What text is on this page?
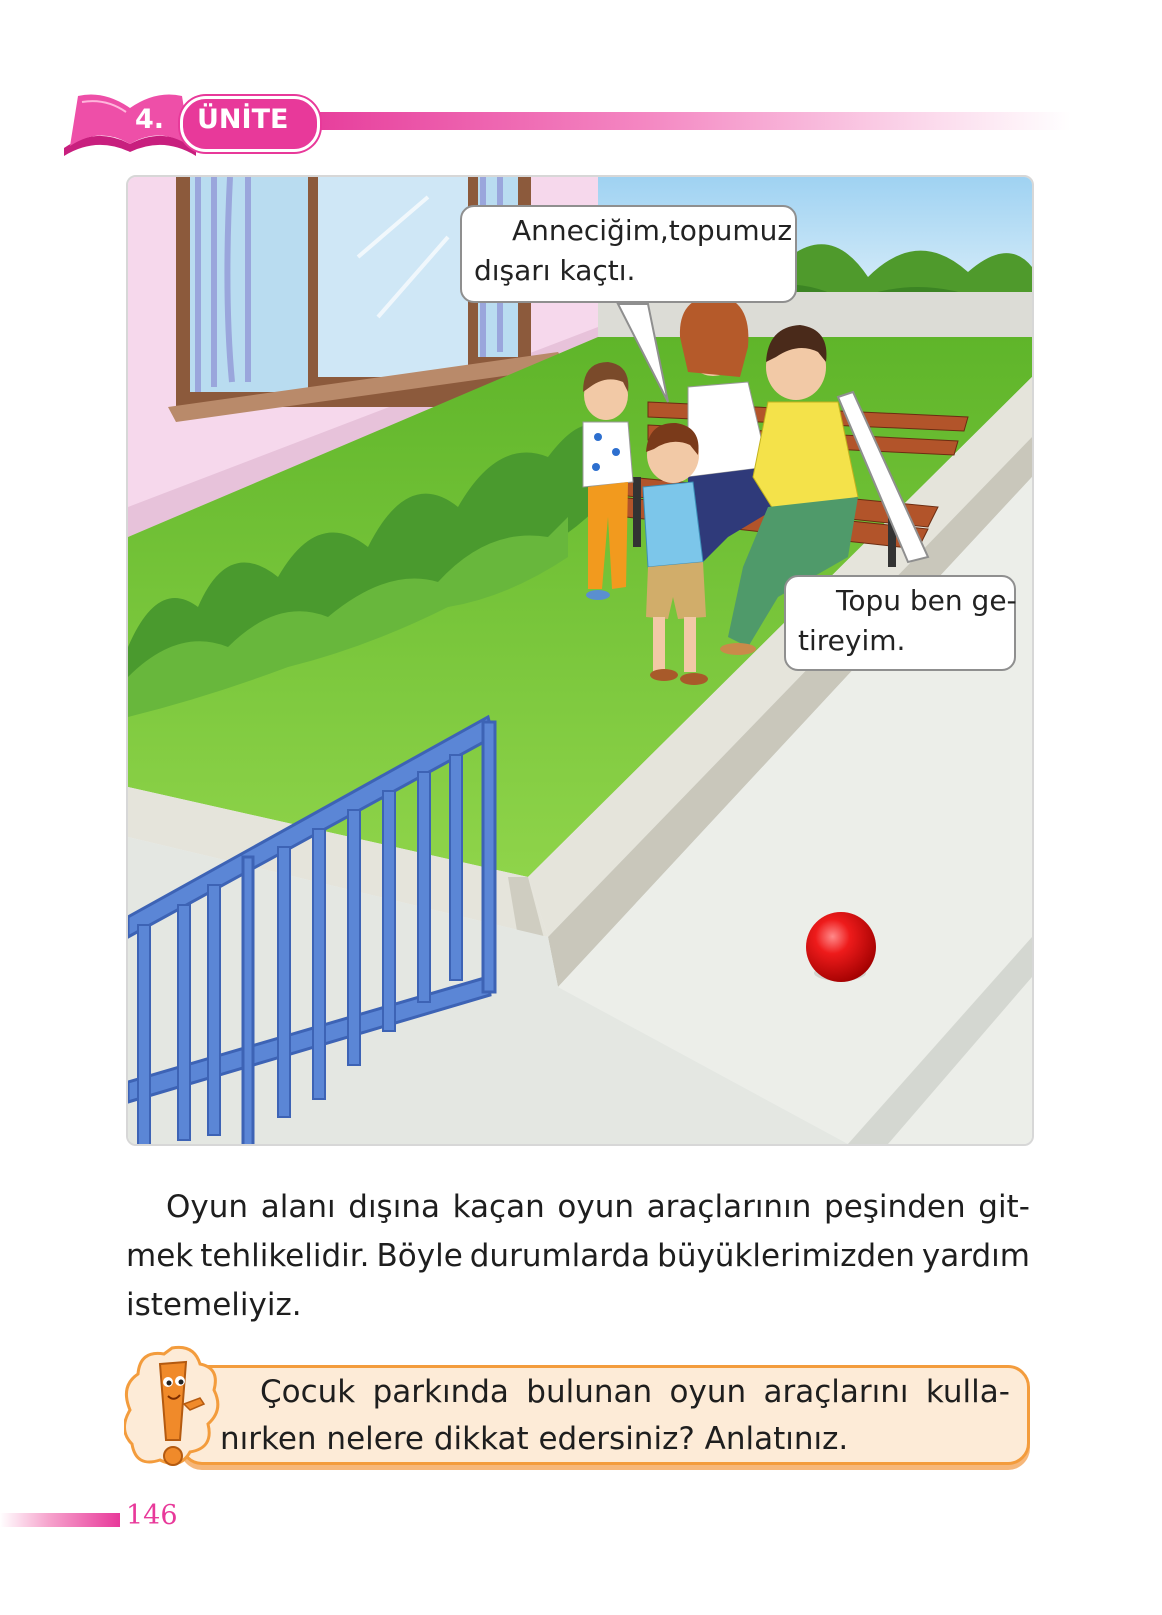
4. ÜNİTE
Anneciğim, topumuz
dışarı kaçtı.
Topu ben ge-
tireyim.
Oyun alanı dışına kaçan oyun araçlarının peşinden git-
mek tehlikelidir. Böyle durumlarda büyüklerimizden yardım
istemeliyiz.
Çocuk parkında bulunan oyun araçlarını kulla-
nırken nelere dikkat edersiniz? Anlatınız.
146
